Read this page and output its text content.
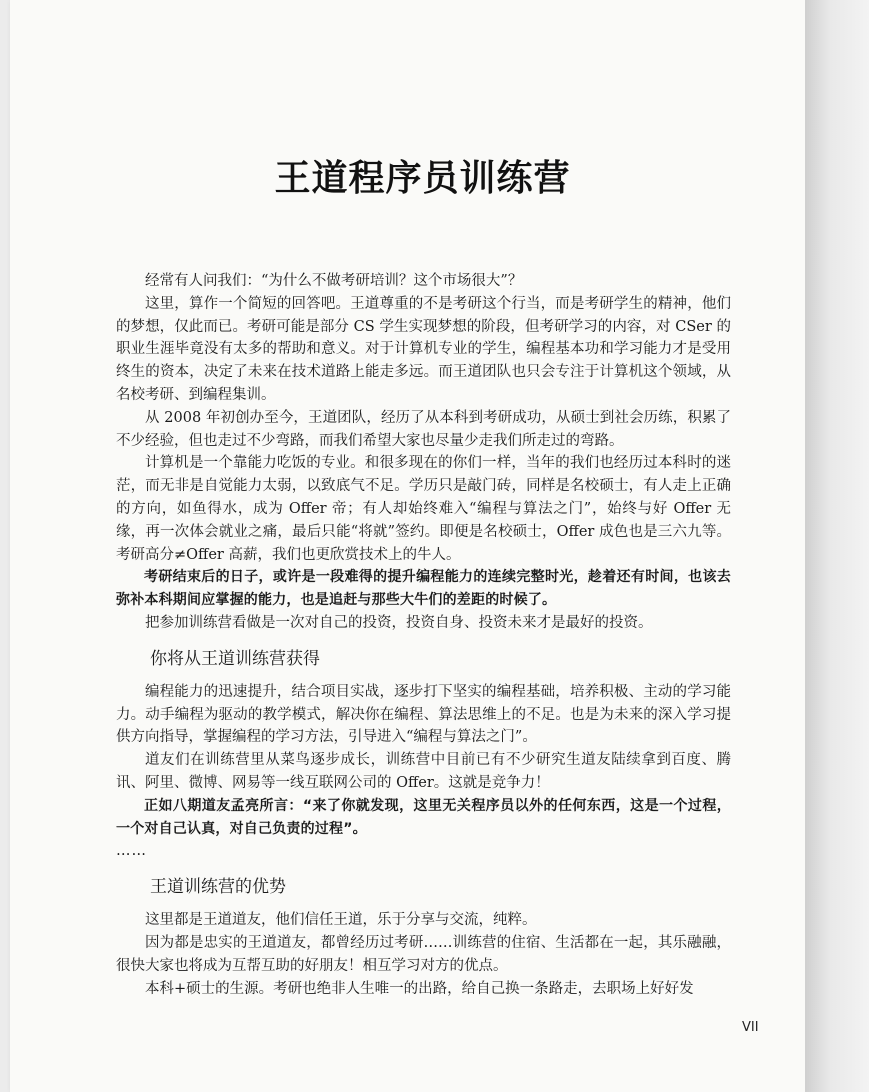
王道程序员训练营

经常有人问我们：“为什么不做考研培训？这个市场很大”？

这里，算作一个简短的回答吧。王道尊重的不是考研这个行当，而是考研学生的精神，他们的梦想，仅此而已。考研可能是部分 CS 学生实现梦想的阶段，但考研学习的内容，对 CSer 的职业生涯毕竟没有太多的帮助和意义。对于计算机专业的学生，编程基本功和学习能力才是受用终生的资本，决定了未来在技术道路上能走多远。而王道团队也只会专注于计算机这个领域，从名校考研、到编程集训。

从 2008 年初创办至今，王道团队，经历了从本科到考研成功，从硕士到社会历练，积累了不少经验，但也走过不少弯路，而我们希望大家也尽量少走我们所走过的弯路。

计算机是一个靠能力吃饭的专业。和很多现在的你们一样，当年的我们也经历过本科时的迷茫，而无非是自觉能力太弱，以致底气不足。学历只是敲门砖，同样是名校硕士，有人走上正确的方向，如鱼得水，成为 Offer 帝；有人却始终难入“编程与算法之门”，始终与好 Offer 无缘，再一次体会就业之痛，最后只能“将就”签约。即便是名校硕士，Offer 成色也是三六九等。考研高分≠Offer 高薪，我们也更欣赏技术上的牛人。

考研结束后的日子，或许是一段难得的提升编程能力的连续完整时光，趁着还有时间，也该去弥补本科期间应掌握的能力，也是追赶与那些大牛们的差距的时候了。

把参加训练营看做是一次对自己的投资，投资自身、投资未来才是最好的投资。

你将从王道训练营获得

编程能力的迅速提升，结合项目实战，逐步打下坚实的编程基础，培养积极、主动的学习能力。动手编程为驱动的教学模式，解决你在编程、算法思维上的不足。也是为未来的深入学习提供方向指导，掌握编程的学习方法，引导进入“编程与算法之门”。

道友们在训练营里从菜鸟逐步成长，训练营中目前已有不少研究生道友陆续拿到百度、腾讯、阿里、微博、网易等一线互联网公司的 Offer。这就是竞争力！

正如八期道友孟亮所言：“来了你就发现，这里无关程序员以外的任何东西，这是一个过程，一个对自己认真，对自己负责的过程”。

……

王道训练营的优势

这里都是王道道友，他们信任王道，乐于分享与交流，纯粹。

因为都是忠实的王道道友，都曾经历过考研……训练营的住宿、生活都在一起，其乐融融，很快大家也将成为互帮互助的好朋友！相互学习对方的优点。

本科+硕士的生源。考研也绝非人生唯一的出路，给自己换一条路走，去职场上好好发

VII
